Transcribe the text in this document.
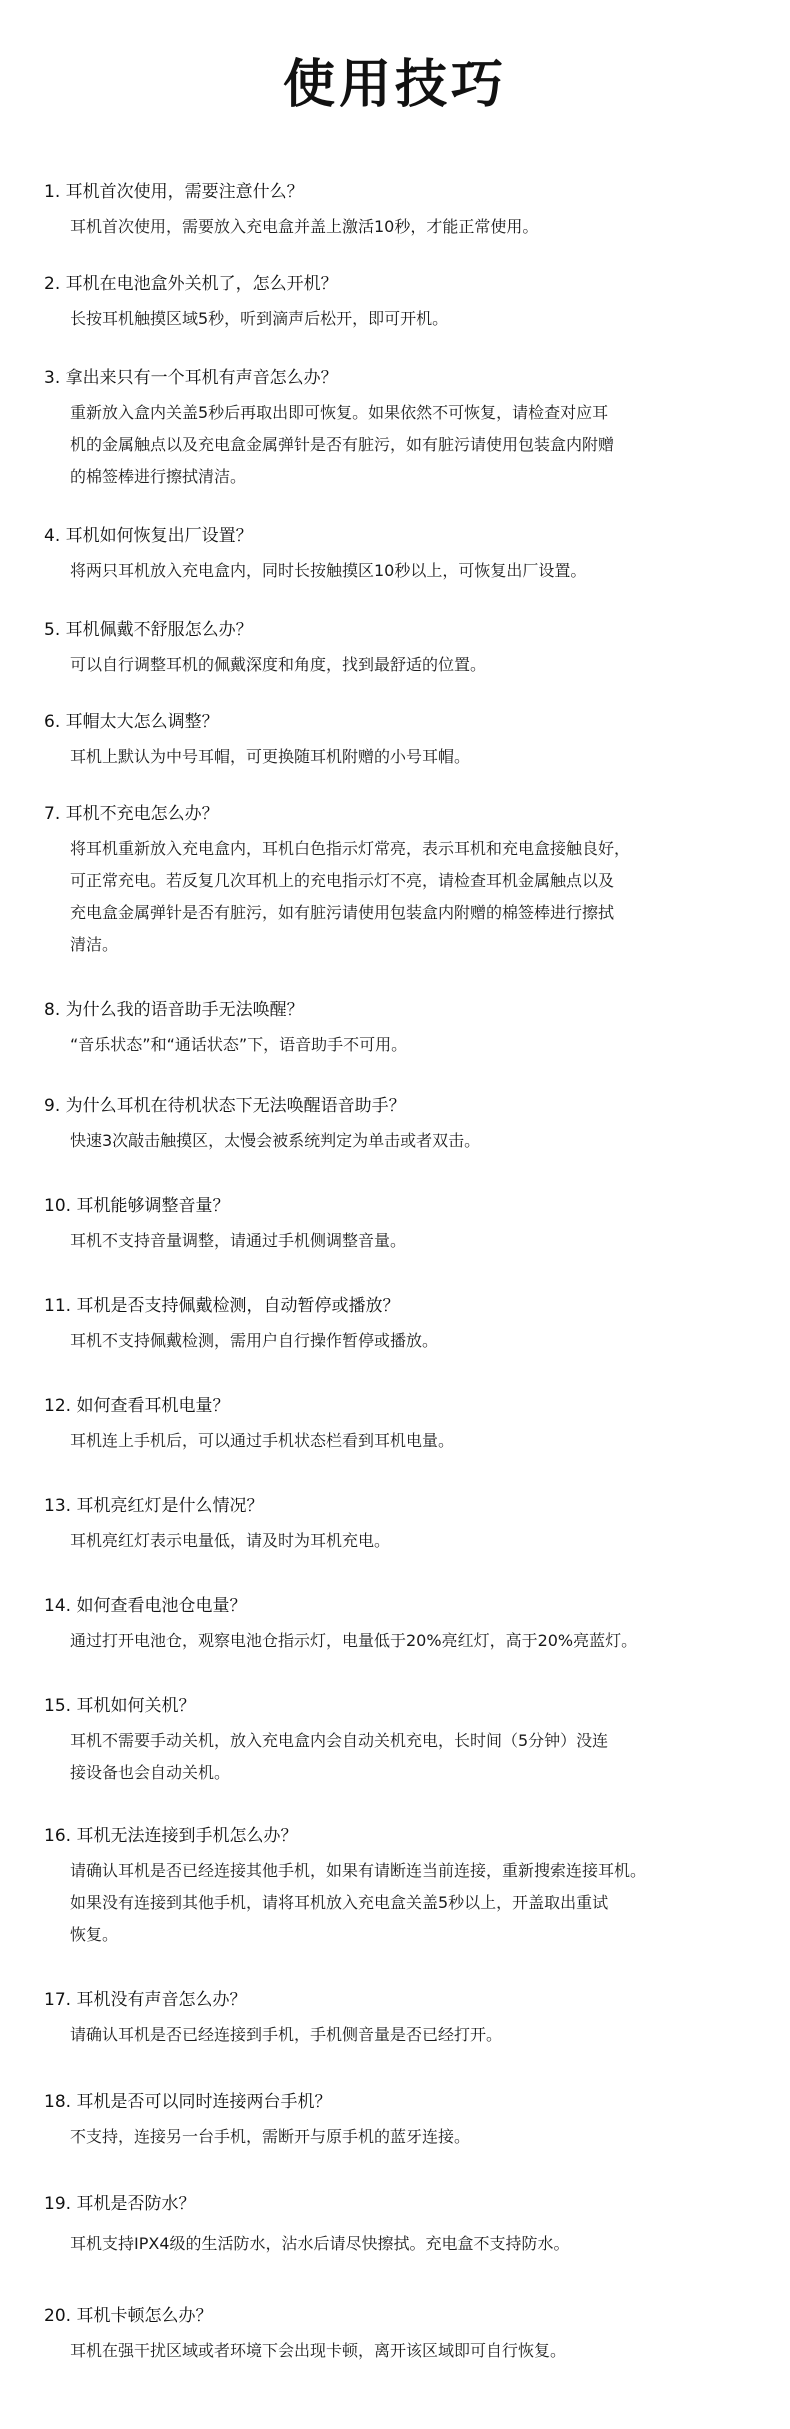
使用技巧
1. 耳机首次使用，需要注意什么？
耳机首次使用，需要放入充电盒并盖上激活10秒，才能正常使用。
2. 耳机在电池盒外关机了，怎么开机？
长按耳机触摸区域5秒，听到滴声后松开，即可开机。
3. 拿出来只有一个耳机有声音怎么办？
重新放入盒内关盖5秒后再取出即可恢复。如果依然不可恢复，请检查对应耳
机的金属触点以及充电盒金属弹针是否有脏污，如有脏污请使用包装盒内附赠
的棉签棒进行擦拭清洁。
4. 耳机如何恢复出厂设置？
将两只耳机放入充电盒内，同时长按触摸区10秒以上，可恢复出厂设置。
5. 耳机佩戴不舒服怎么办？
可以自行调整耳机的佩戴深度和角度，找到最舒适的位置。
6. 耳帽太大怎么调整？
耳机上默认为中号耳帽，可更换随耳机附赠的小号耳帽。
7. 耳机不充电怎么办？
将耳机重新放入充电盒内，耳机白色指示灯常亮，表示耳机和充电盒接触良好，
可正常充电。若反复几次耳机上的充电指示灯不亮，请检查耳机金属触点以及
充电盒金属弹针是否有脏污，如有脏污请使用包装盒内附赠的棉签棒进行擦拭
清洁。
8. 为什么我的语音助手无法唤醒？
“音乐状态”和“通话状态”下，语音助手不可用。
9. 为什么耳机在待机状态下无法唤醒语音助手？
快速3次敲击触摸区，太慢会被系统判定为单击或者双击。
10. 耳机能够调整音量？
耳机不支持音量调整，请通过手机侧调整音量。
11. 耳机是否支持佩戴检测，自动暂停或播放？
耳机不支持佩戴检测，需用户自行操作暂停或播放。
12. 如何查看耳机电量？
耳机连上手机后，可以通过手机状态栏看到耳机电量。
13. 耳机亮红灯是什么情况？
耳机亮红灯表示电量低，请及时为耳机充电。
14. 如何查看电池仓电量？
通过打开电池仓，观察电池仓指示灯，电量低于20%亮红灯，高于20%亮蓝灯。
15. 耳机如何关机？
耳机不需要手动关机，放入充电盒内会自动关机充电，长时间（5分钟）没连
接设备也会自动关机。
16. 耳机无法连接到手机怎么办？
请确认耳机是否已经连接其他手机，如果有请断连当前连接，重新搜索连接耳机。
如果没有连接到其他手机，请将耳机放入充电盒关盖5秒以上，开盖取出重试
恢复。
17. 耳机没有声音怎么办？
请确认耳机是否已经连接到手机，手机侧音量是否已经打开。
18. 耳机是否可以同时连接两台手机？
不支持，连接另一台手机，需断开与原手机的蓝牙连接。
19. 耳机是否防水？
耳机支持IPX4级的生活防水，沾水后请尽快擦拭。充电盒不支持防水。
20. 耳机卡顿怎么办？
耳机在强干扰区域或者环境下会出现卡顿，离开该区域即可自行恢复。
